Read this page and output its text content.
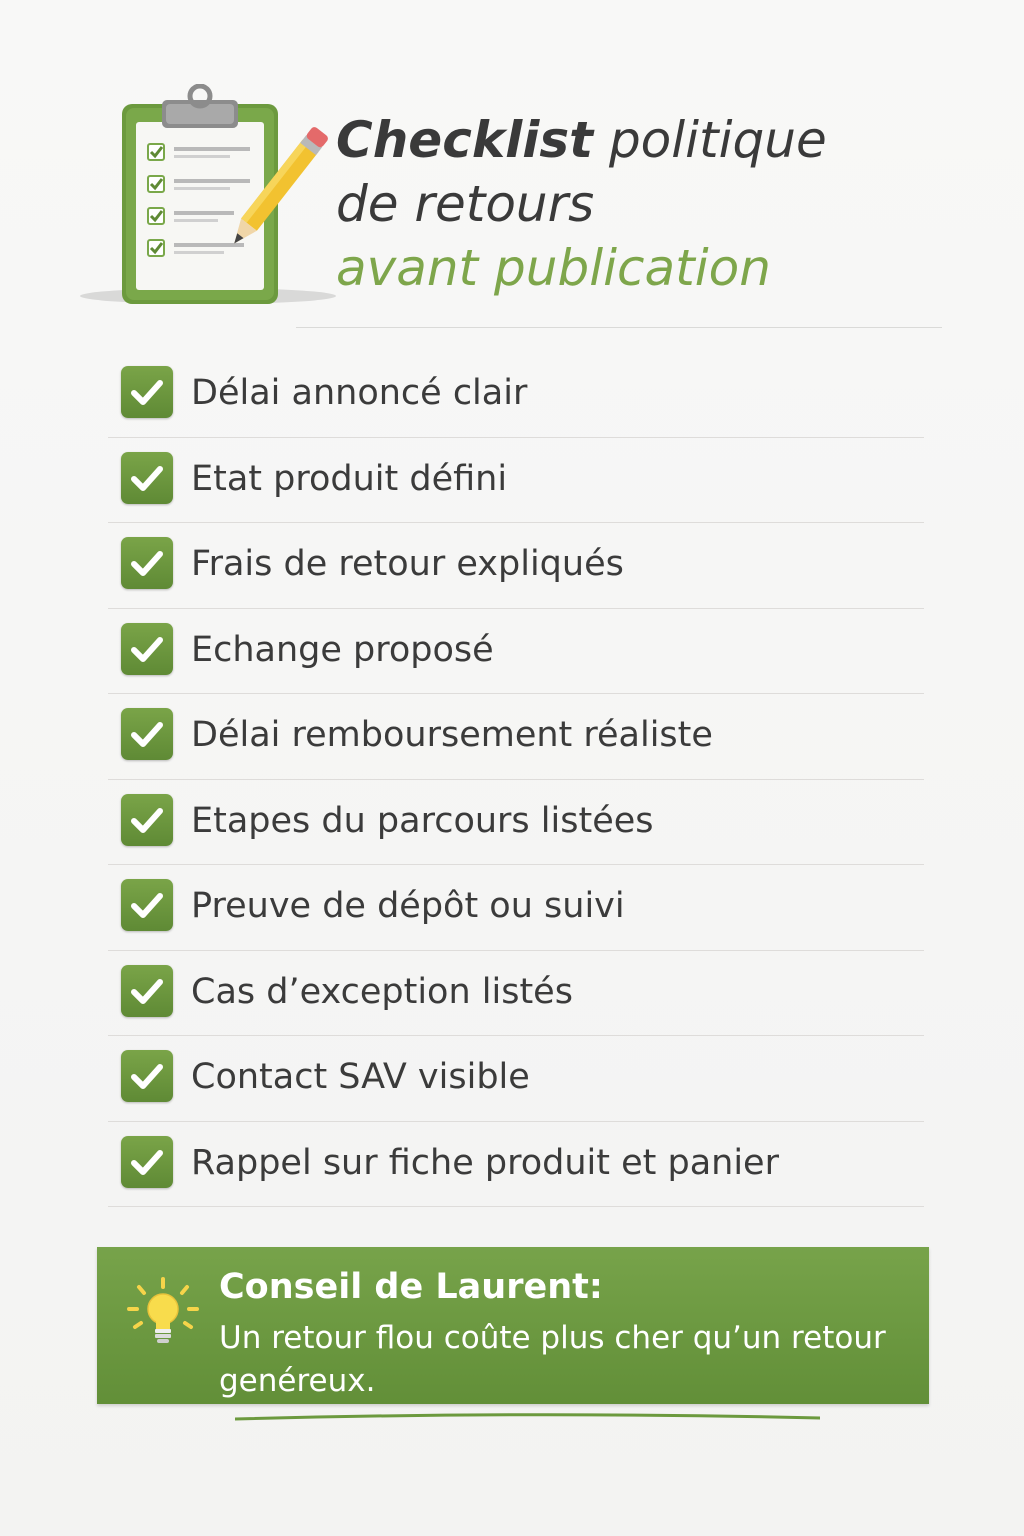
Checklist politique
de retours
avant publication
Délai annoncé clair
Etat produit défini
Frais de retour expliqués
Echange proposé
Délai remboursement réaliste
Etapes du parcours listées
Preuve de dépôt ou suivi
Cas d’exception listés
Contact SAV visible
Rappel sur fiche produit et panier
Conseil de Laurent:
Un retour flou coûte plus cher qu’un retour genéreux.
